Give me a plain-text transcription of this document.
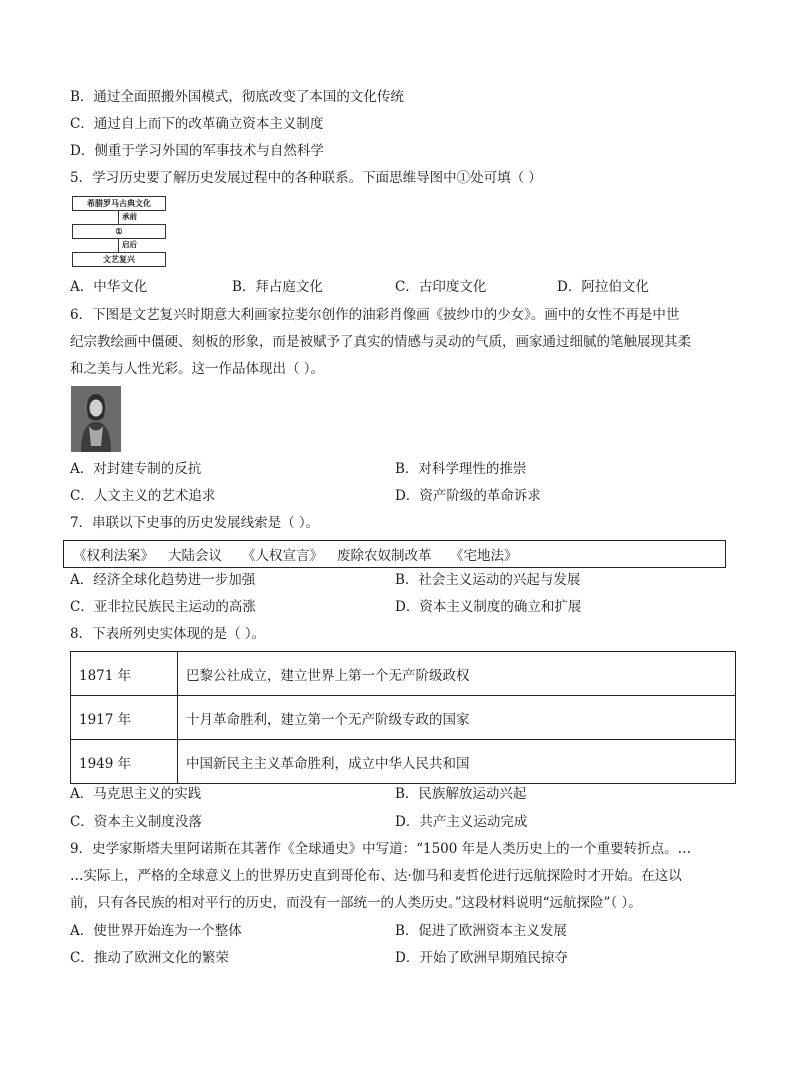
B．通过全面照搬外国模式，彻底改变了本国的文化传统
C．通过自上而下的改革确立资本主义制度
D．侧重于学习外国的军事技术与自然科学
5．学习历史要了解历史发展过程中的各种联系。下面思维导图中①处可填（ ）
希腊罗马古典文化
承前
①
启后
文艺复兴
A．中华文化	B．拜占庭文化	C．古印度文化	D．阿拉伯文化
6．下图是文艺复兴时期意大利画家拉斐尔创作的油彩肖像画《披纱巾的少女》。画中的女性不再是中世
纪宗教绘画中僵硬、刻板的形象，而是被赋予了真实的情感与灵动的气质，画家通过细腻的笔触展现其柔
和之美与人性光彩。这一作品体现出（ ）。
A．对封建专制的反抗	B．对科学理性的推崇
C．人文主义的艺术追求	D．资产阶级的革命诉求
7．串联以下史事的历史发展线索是（ ）。
《权利法案》 大陆会议 《人权宣言》 废除农奴制改革 《宅地法》
A．经济全球化趋势进一步加强	B．社会主义运动的兴起与发展
C．亚非拉民族民主运动的高涨	D．资本主义制度的确立和扩展
8．下表所列史实体现的是（ ）。
1871 年	巴黎公社成立，建立世界上第一个无产阶级政权
1917 年	十月革命胜利，建立第一个无产阶级专政的国家
1949 年	中国新民主主义革命胜利，成立中华人民共和国
A．马克思主义的实践	B．民族解放运动兴起
C．资本主义制度没落	D．共产主义运动完成
9．史学家斯塔夫里阿诺斯在其著作《全球通史》中写道：“1500 年是人类历史上的一个重要转折点。…
…实际上，严格的全球意义上的世界历史直到哥伦布、达·伽马和麦哲伦进行远航探险时才开始。在这以
前，只有各民族的相对平行的历史，而没有一部统一的人类历史。”这段材料说明“远航探险”（ ）。
A．使世界开始连为一个整体	B．促进了欧洲资本主义发展
C．推动了欧洲文化的繁荣	D．开始了欧洲早期殖民掠夺
